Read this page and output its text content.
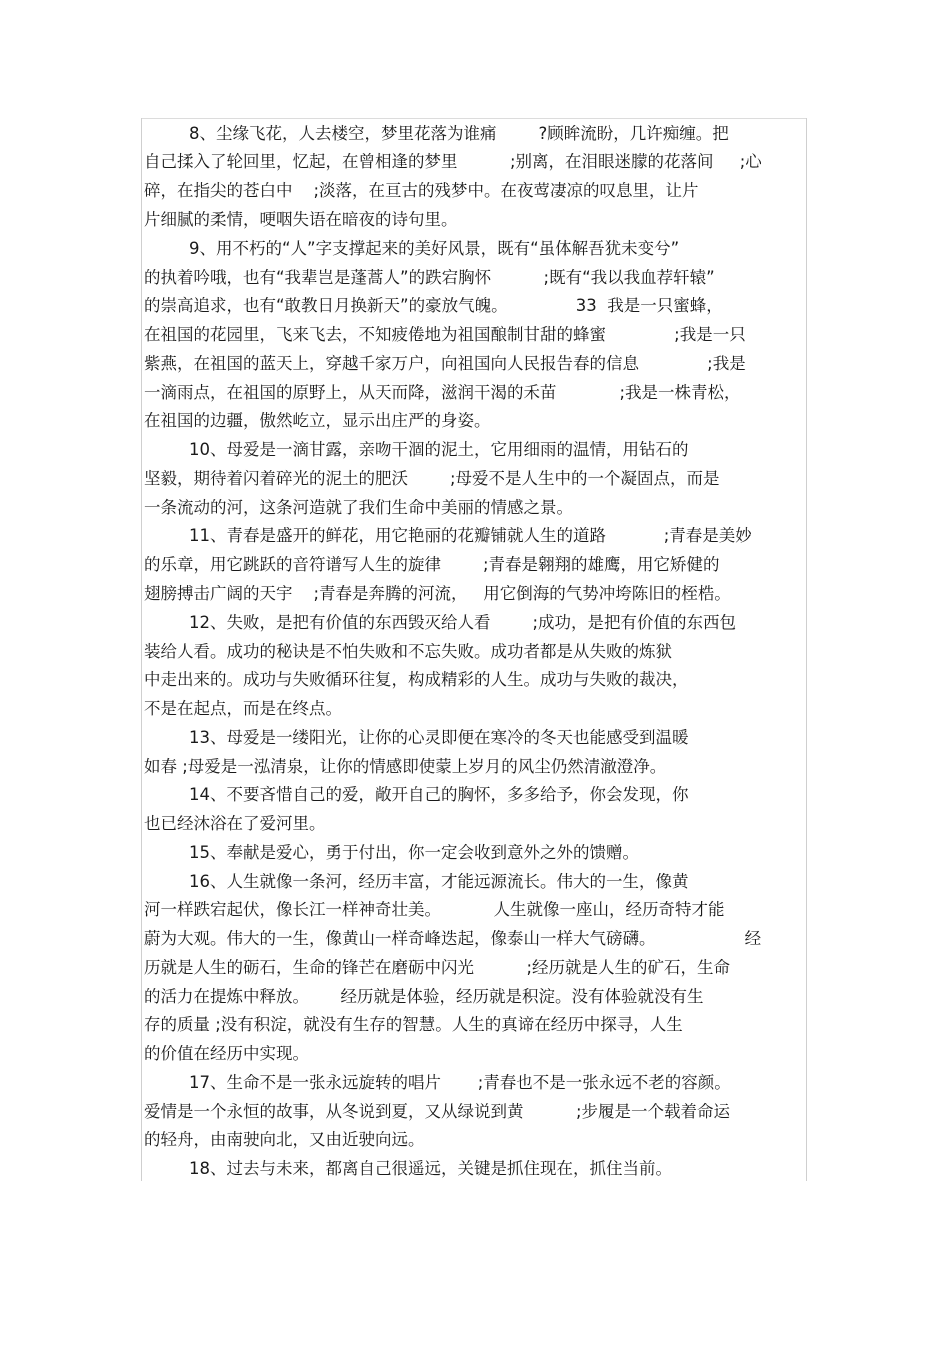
8、尘缘飞花，人去楼空，梦里花落为谁痛        ?顾眸流盼，几许痴缠。把
自己揉入了轮回里，忆起，在曾相逢的梦里          ;别离，在泪眼迷朦的花落间     ;心
碎，在指尖的苍白中    ;淡落，在亘古的残梦中。在夜莺凄凉的叹息里，让片
片细腻的柔情，哽咽失语在暗夜的诗句里。
9、用不朽的“人”字支撑起来的美好风景，既有“虽体解吾犹未变兮”
的执着吟哦，也有“我辈岂是蓬蒿人”的跌宕胸怀          ;既有“我以我血荐轩辕”
的崇高追求，也有“敢教日月换新天”的豪放气魄。             33  我是一只蜜蜂，
在祖国的花园里，飞来飞去，不知疲倦地为祖国酿制甘甜的蜂蜜             ;我是一只
紫燕，在祖国的蓝天上，穿越千家万户，向祖国向人民报告春的信息             ;我是
一滴雨点，在祖国的原野上，从天而降，滋润干渴的禾苗            ;我是一株青松，
在祖国的边疆，傲然屹立，显示出庄严的身姿。
10、母爱是一滴甘露，亲吻干涸的泥土，它用细雨的温情，用钻石的
坚毅，期待着闪着碎光的泥土的肥沃        ;母爱不是人生中的一个凝固点，而是
一条流动的河，这条河造就了我们生命中美丽的情感之景。
11、青春是盛开的鲜花，用它艳丽的花瓣铺就人生的道路           ;青春是美妙
的乐章，用它跳跃的音符谱写人生的旋律        ;青春是翱翔的雄鹰，用它矫健的
翅膀搏击广阔的天宇    ;青春是奔腾的河流，   用它倒海的气势冲垮陈旧的桎梏。
12、失败，是把有价值的东西毁灭给人看        ;成功，是把有价值的东西包
装给人看。成功的秘诀是不怕失败和不忘失败。成功者都是从失败的炼狱
中走出来的。成功与失败循环往复，构成精彩的人生。成功与失败的裁决，
不是在起点，而是在终点。
13、母爱是一缕阳光，让你的心灵即便在寒冷的冬天也能感受到温暖
如春 ;母爱是一泓清泉，让你的情感即使蒙上岁月的风尘仍然清澈澄净。
14、不要吝惜自己的爱，敞开自己的胸怀，多多给予，你会发现，你
也已经沐浴在了爱河里。
15、奉献是爱心，勇于付出，你一定会收到意外之外的馈赠。
16、人生就像一条河，经历丰富，才能远源流长。伟大的一生，像黄
河一样跌宕起伏，像长江一样神奇壮美。          人生就像一座山，经历奇特才能
蔚为大观。伟大的一生，像黄山一样奇峰迭起，像泰山一样大气磅礴。                 经
历就是人生的砺石，生命的锋芒在磨砺中闪光          ;经历就是人生的矿石，生命
的活力在提炼中释放。      经历就是体验，经历就是积淀。没有体验就没有生
存的质量 ;没有积淀，就没有生存的智慧。人生的真谛在经历中探寻，人生
的价值在经历中实现。
17、生命不是一张永远旋转的唱片       ;青春也不是一张永远不老的容颜。
爱情是一个永恒的故事，从冬说到夏，又从绿说到黄          ;步履是一个载着命运
的轻舟，由南驶向北，又由近驶向远。
18、过去与未来，都离自己很遥远，关键是抓住现在，抓住当前。
